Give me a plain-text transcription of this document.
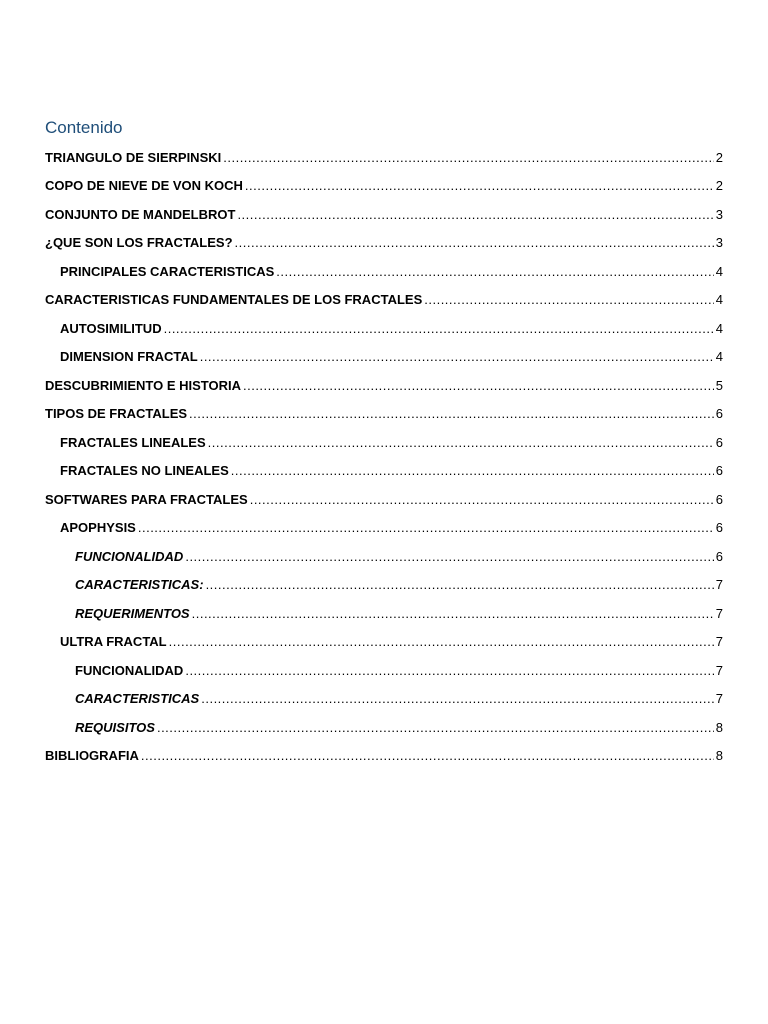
Contenido
TRIANGULO DE SIERPINSKI .....	2
COPO DE NIEVE DE VON KOCH .....	2
CONJUNTO DE MANDELBROT .....	3
¿QUE SON LOS FRACTALES? .....	3
PRINCIPALES CARACTERISTICAS .....	4
CARACTERISTICAS FUNDAMENTALES DE LOS FRACTALES .....	4
AUTOSIMILITUD .....	4
DIMENSION FRACTAL .....	4
DESCUBRIMIENTO E HISTORIA .....	5
TIPOS DE FRACTALES .....	6
FRACTALES LINEALES .....	6
FRACTALES NO LINEALES .....	6
SOFTWARES PARA FRACTALES .....	6
APOPHYSIS .....	6
FUNCIONALIDAD .....	6
CARACTERISTICAS: .....	7
REQUERIMENTOS .....	7
ULTRA FRACTAL .....	7
FUNCIONALIDAD .....	7
CARACTERISTICAS .....	7
REQUISITOS .....	8
BIBLIOGRAFIA .....	8
